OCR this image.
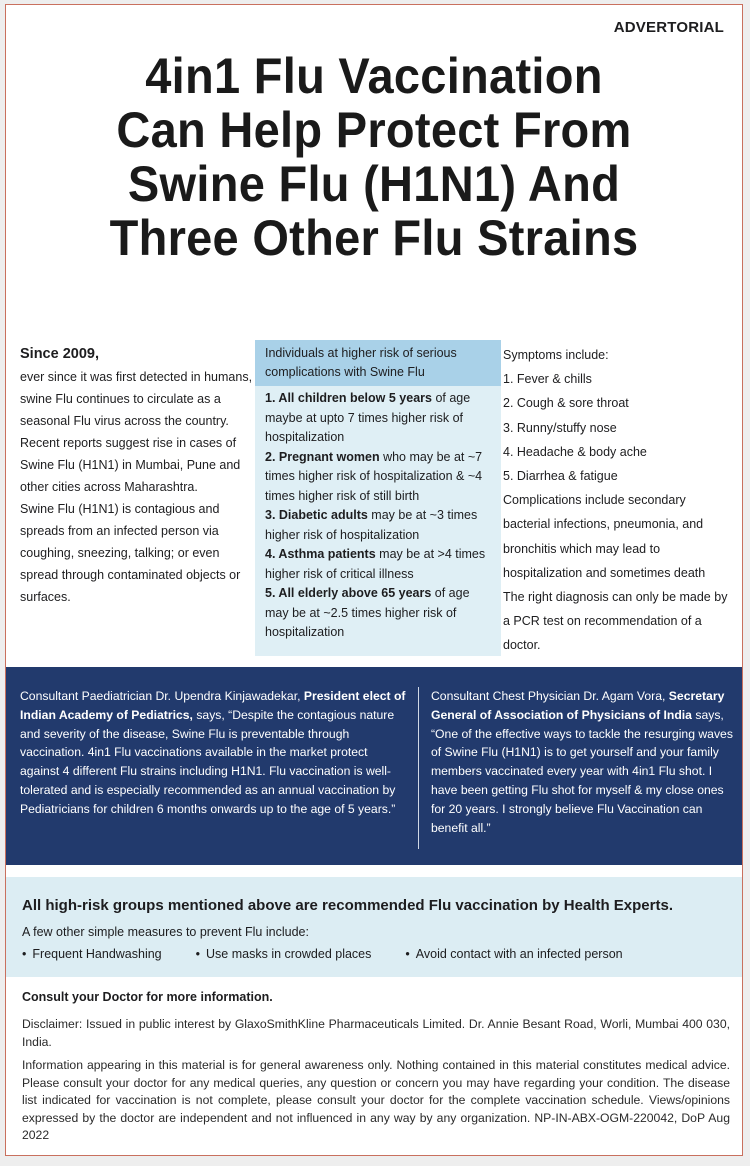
ADVERTORIAL
4in1 Flu Vaccination
Can Help Protect From
Swine Flu (H1N1) And
Three Other Flu Strains
Since 2009,
ever since it was first detected in humans, swine Flu continues to circulate as a seasonal Flu virus across the country. Recent reports suggest rise in cases of Swine Flu (H1N1) in Mumbai, Pune and other cities across Maharashtra.
Swine Flu (H1N1) is contagious and spreads from an infected person via coughing, sneezing, talking; or even spread through contaminated objects or surfaces.
Individuals at higher risk of serious complications with Swine Flu
1. All children below 5 years of age maybe at upto 7 times higher risk of hospitalization
2. Pregnant women who may be at ~7 times higher risk of hospitalization & ~4 times higher risk of still birth
3. Diabetic adults may be at ~3 times higher risk of hospitalization
4. Asthma patients may be at >4 times higher risk of critical illness
5. All elderly above 65 years of age may be at ~2.5 times higher risk of hospitalization
Symptoms include:
1. Fever & chills
2. Cough & sore throat
3. Runny/stuffy nose
4. Headache & body ache
5. Diarrhea & fatigue
Complications include secondary bacterial infections, pneumonia, and bronchitis which may lead to hospitalization and sometimes death
The right diagnosis can only be made by a PCR test on recommendation of a doctor.
Consultant Paediatrician Dr. Upendra Kinjawadekar, President elect of Indian Academy of Pediatrics, says, “Despite the contagious nature and severity of the disease, Swine Flu is preventable through vaccination. 4in1 Flu vaccinations available in the market protect against 4 different Flu strains including H1N1. Flu vaccination is well-tolerated and is especially recommended as an annual vaccination by Pediatricians for children 6 months onwards up to the age of 5 years.”
Consultant Chest Physician Dr. Agam Vora, Secretary General of Association of Physicians of India says, “One of the effective ways to tackle the resurging waves of Swine Flu (H1N1) is to get yourself and your family members vaccinated every year with 4in1 Flu shot. I have been getting Flu shot for myself & my close ones for 20 years. I strongly believe Flu Vaccination can benefit all.”
All high-risk groups mentioned above are recommended Flu vaccination by Health Experts.
A few other simple measures to prevent Flu include:
• Frequent Handwashing	• Use masks in crowded places	• Avoid contact with an infected person
Consult your Doctor for more information.
Disclaimer: Issued in public interest by GlaxoSmithKline Pharmaceuticals Limited. Dr. Annie Besant Road, Worli, Mumbai 400 030, India.
Information appearing in this material is for general awareness only. Nothing contained in this material constitutes medical advice. Please consult your doctor for any medical queries, any question or concern you may have regarding your condition. The disease list indicated for vaccination is not complete, please consult your doctor for the complete vaccination schedule. Views/opinions expressed by the doctor are independent and not influenced in any way by any organization. NP-IN-ABX-OGM-220042, DoP Aug 2022
